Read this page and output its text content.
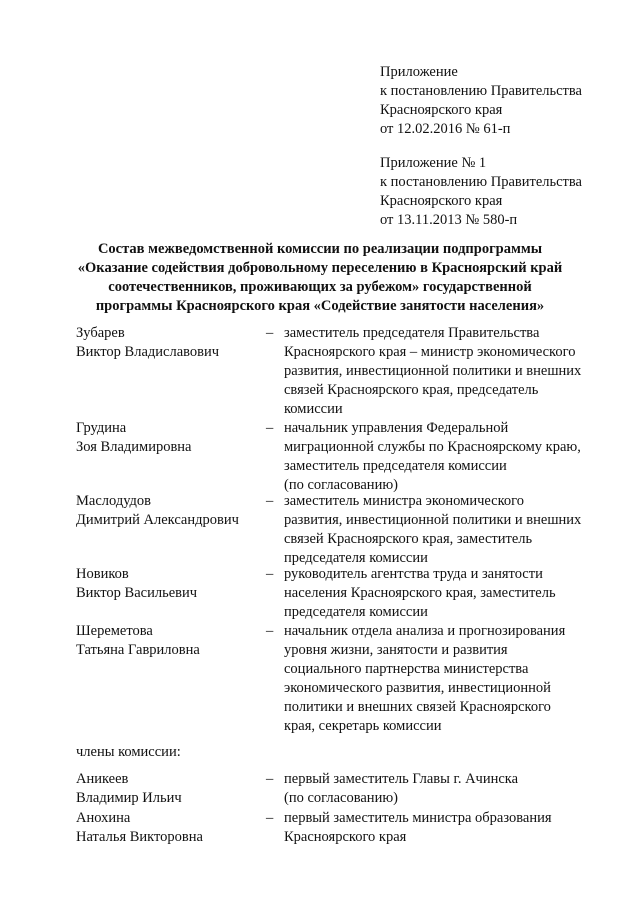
Приложение
к постановлению Правительства
Красноярского края
от 12.02.2016 № 61-п
Приложение № 1
к постановлению Правительства
Красноярского края
от 13.11.2013 № 580-п
Состав межведомственной комиссии по реализации подпрограммы
«Оказание содействия добровольному переселению в Красноярский край
соотечественников, проживающих за рубежом» государственной
программы Красноярского края «Содействие занятости населения»
Зубарев
Виктор Владиславович
– заместитель председателя Правительства
Красноярского края – министр экономического
развития, инвестиционной политики и внешних
связей Красноярского края, председатель
комиссии
Грудина
Зоя Владимировна
– начальник управления Федеральной
миграционной службы по Красноярскому краю,
заместитель председателя комиссии
(по согласованию)
Маслодудов
Димитрий Александрович
– заместитель министра экономического
развития, инвестиционной политики и внешних
связей Красноярского края, заместитель
председателя комиссии
Новиков
Виктор Васильевич
– руководитель агентства труда и занятости
населения Красноярского края, заместитель
председателя комиссии
Шереметова
Татьяна Гавриловна
– начальник отдела анализа и прогнозирования
уровня жизни, занятости и развития
социального партнерства министерства
экономического развития, инвестиционной
политики и внешних связей Красноярского
края, секретарь комиссии
члены комиссии:
Аникеев
Владимир Ильич
– первый заместитель Главы г. Ачинска
(по согласованию)
Анохина
Наталья Викторовна
– первый заместитель министра образования
Красноярского края
